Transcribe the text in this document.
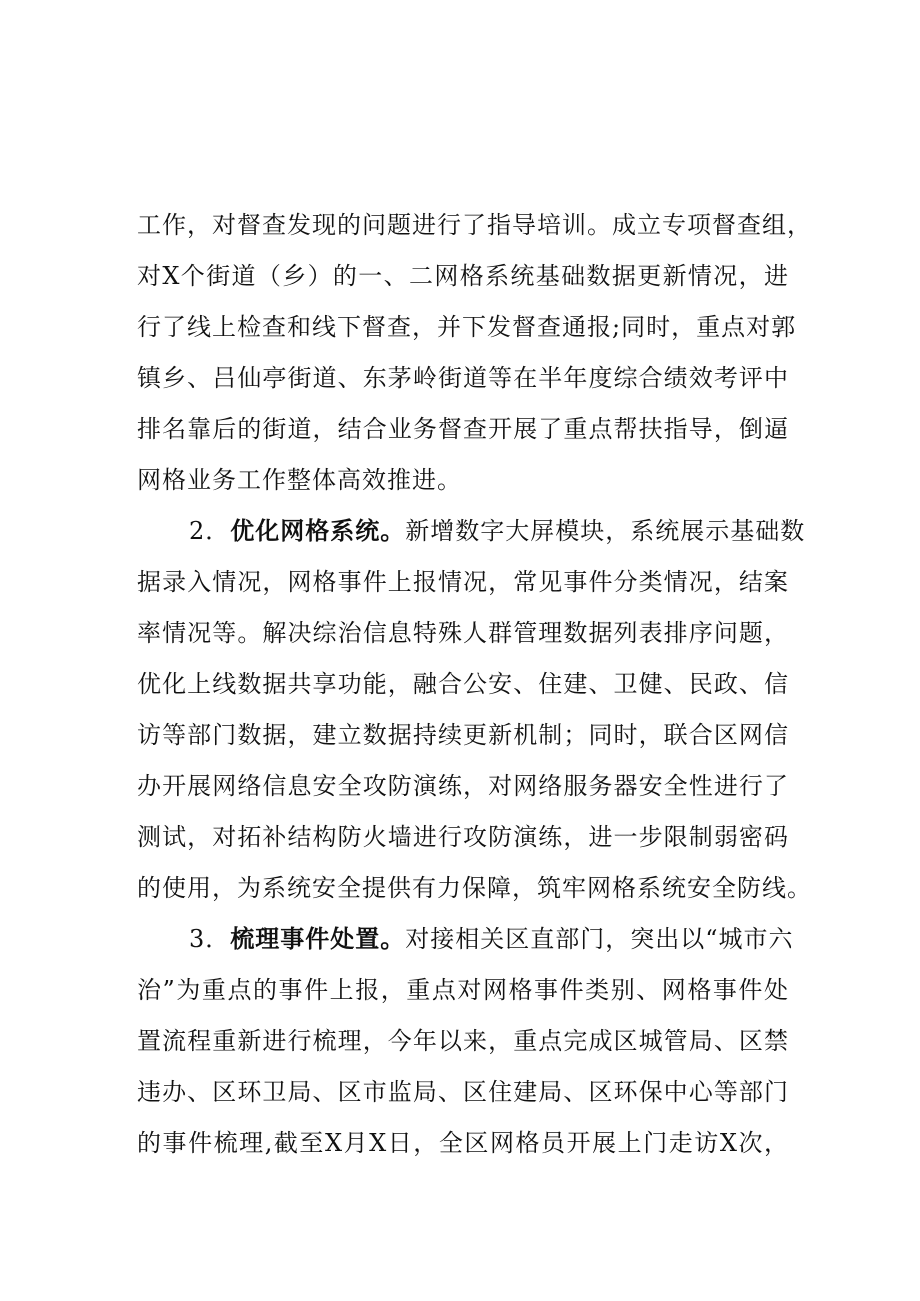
工作，对督查发现的问题进行了指导培训。成立专项督查组，
对X个街道（乡）的一、二网格系统基础数据更新情况，进
行了线上检查和线下督查，并下发督查通报;同时，重点对郭
镇乡、吕仙亭街道、东茅岭街道等在半年度综合绩效考评中
排名靠后的街道，结合业务督查开展了重点帮扶指导，倒逼
网格业务工作整体高效推进。
2．优化网格系统。新增数字大屏模块，系统展示基础数
据录入情况，网格事件上报情况，常见事件分类情况，结案
率情况等。解决综治信息特殊人群管理数据列表排序问题，
优化上线数据共享功能，融合公安、住建、卫健、民政、信
访等部门数据，建立数据持续更新机制；同时，联合区网信
办开展网络信息安全攻防演练，对网络服务器安全性进行了
测试，对拓补结构防火墙进行攻防演练，进一步限制弱密码
的使用，为系统安全提供有力保障，筑牢网格系统安全防线。
3．梳理事件处置。对接相关区直部门，突出以“城市六
治”为重点的事件上报，重点对网格事件类别、网格事件处
置流程重新进行梳理，今年以来，重点完成区城管局、区禁
违办、区环卫局、区市监局、区住建局、区环保中心等部门
的事件梳理,截至X月X日，全区网格员开展上门走访X次，
